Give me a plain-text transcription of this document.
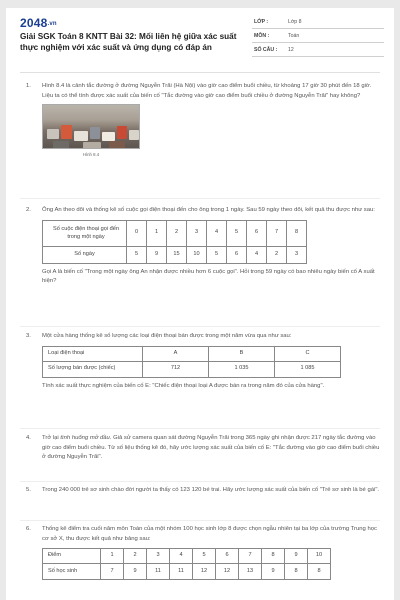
2048.vn
Giải SGK Toán 8 KNTT Bài 32: Mối liên hệ giữa xác suất thực nghiệm với xác suất và ứng dụng có đáp án
LỚP :	Lớp 8
MÔN :	Toán
SỐ CÂU :	12
1. Hình 8.4 là cảnh tắc đường ở đường Nguyễn Trãi (Hà Nội) vào giờ cao điểm buổi chiều, từ khoảng 17 giờ 30 phút đến 18 giờ. Liệu ta có thể tính được xác suất của biến cố "Tắc đường vào giờ cao điểm buổi chiều ở đường Nguyễn Trãi" hay không?

Hình 8.4
2. Ông An theo dõi và thống kê số cuộc gọi điện thoại đến cho ông trong 1 ngày. Sau 59 ngày theo dõi, kết quả thu được như sau:

Số cuộc điện thoại gọi đến trong một ngày	0	1	2	3	4	5	6	7	8
Số ngày	5	9	15	10	5	6	4	2	3

Gọi A là biến cố "Trong một ngày ông An nhận được nhiều hơn 6 cuộc gọi". Hỏi trong 59 ngày có bao nhiêu ngày biến cố A xuất hiện?

3. Một cửa hàng thống kê số lượng các loại điện thoại bán được trong một năm vừa qua như sau:

Loại điện thoại	A	B	C
Số lượng bán được (chiếc)	712	1 035	1 085

Tính xác suất thực nghiệm của biến cố E: "Chiếc điện thoại loại A được bán ra trong năm đó của cửa hàng".

4. Trở lại tình huống mở đầu. Giả sử camera quan sát đường Nguyễn Trãi trong 365 ngày ghi nhận được 217 ngày tắc đường vào giờ cao điểm buổi chiều. Từ số liệu thống kê đó, hãy ước lượng xác suất của biến cố E: "Tắc đường vào giờ cao điểm buổi chiều ở đường Nguyễn Trãi".

5. Trong 240 000 trẻ sơ sinh chào đời người ta thấy có 123 120 bé trai. Hãy ước lượng xác suất của biến cố "Trẻ sơ sinh là bé gái".

6. Thống kê điểm tra cuối năm môn Toán của một nhóm 100 học sinh lớp 8 được chọn ngẫu nhiên tại ba lớp của trường Trung học cơ sở X, thu được kết quả như bảng sau:

Điểm	1	2	3	4	5	6	7	8	9	10
Số học sinh	7	9	11	11	12	12	13	9	8	8
